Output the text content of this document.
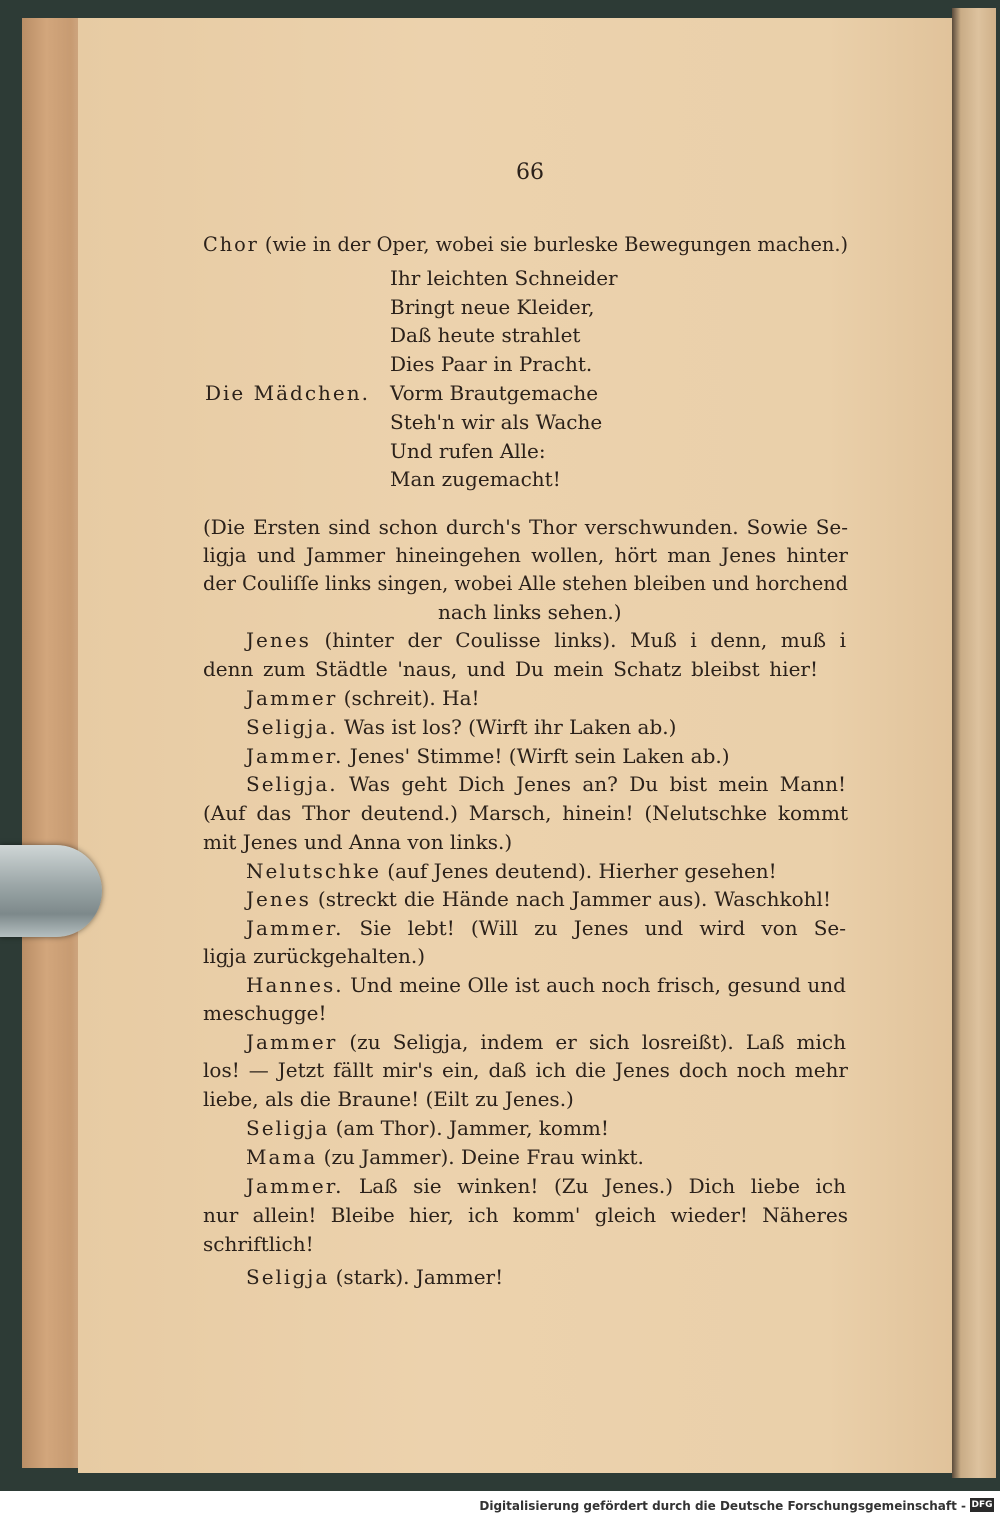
66
Chor (wie in der Oper, wobei sie burleske Bewegungen machen.)
Ihr leichten Schneider
Bringt neue Kleider,
Daß heute strahlet
Dies Paar in Pracht.
Die Mädchen. Vorm Brautgemache
Steh'n wir als Wache
Und rufen Alle:
Man zugemacht!
(Die Ersten sind schon durch's Thor verschwunden. Sowie Se-
ligja und Jammer hineingehen wollen, hört man Jenes hinter
der Couliſſe links singen, wobei Alle stehen bleiben und horchend
nach links sehen.)
Jenes (hinter der Coulisse links). Muß i denn, muß i
denn zum Städtle 'naus, und Du mein Schatz bleibst hier!
Jammer (schreit). Ha!
Seligja. Was ist los? (Wirft ihr Laken ab.)
Jammer. Jenes' Stimme! (Wirft sein Laken ab.)
Seligja. Was geht Dich Jenes an? Du bist mein Mann!
(Auf das Thor deutend.) Marsch, hinein! (Nelutschke kommt
mit Jenes und Anna von links.)
Nelutschke (auf Jenes deutend). Hierher gesehen!
Jenes (streckt die Hände nach Jammer aus). Waschkohl!
Jammer. Sie lebt! (Will zu Jenes und wird von Se-
ligja zurückgehalten.)
Hannes. Und meine Olle ist auch noch frisch, gesund und
meschugge!
Jammer (zu Seligja, indem er sich losreißt). Laß mich
los! — Jetzt fällt mir's ein, daß ich die Jenes doch noch mehr
liebe, als die Braune! (Eilt zu Jenes.)
Seligja (am Thor). Jammer, komm!
Mama (zu Jammer). Deine Frau winkt.
Jammer. Laß sie winken! (Zu Jenes.) Dich liebe ich
nur allein! Bleibe hier, ich komm' gleich wieder! Näheres
schriftlich!
Seligja (stark). Jammer!
Digitalisierung gefördert durch die Deutsche Forschungsgemeinschaft - DFG
